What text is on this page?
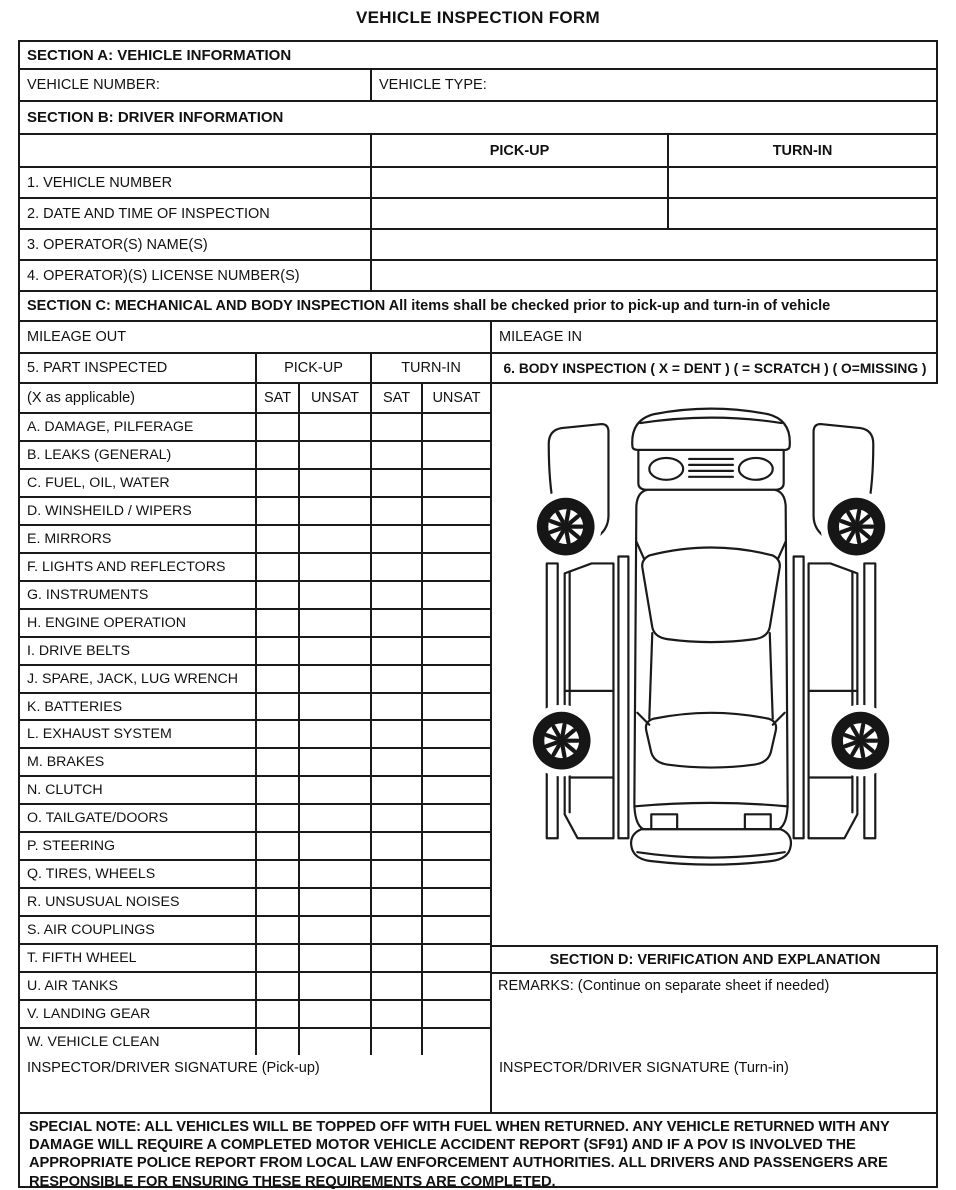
VEHICLE INSPECTION FORM
SECTION A: VEHICLE INFORMATION
VEHICLE NUMBER:	VEHICLE TYPE:
SECTION B: DRIVER INFORMATION
PICK-UP	TURN-IN
1. VEHICLE NUMBER
2. DATE AND TIME OF INSPECTION
3. OPERATOR(S) NAME(S)
4. OPERATOR)(S) LICENSE NUMBER(S)
SECTION C: MECHANICAL AND BODY INSPECTION All items shall be checked prior to pick-up and turn-in of vehicle
MILEAGE OUT	MILEAGE IN
5. PART INSPECTED	PICK-UP	TURN-IN
(X as applicable)	SAT	UNSAT	SAT	UNSAT
A. DAMAGE, PILFERAGE
B. LEAKS (GENERAL)
C. FUEL, OIL, WATER
D. WINSHEILD / WIPERS
E. MIRRORS
F. LIGHTS AND REFLECTORS
G. INSTRUMENTS
H. ENGINE OPERATION
I. DRIVE BELTS
J. SPARE, JACK, LUG WRENCH
K. BATTERIES
L. EXHAUST SYSTEM
M. BRAKES
N. CLUTCH
O. TAILGATE/DOORS
P. STEERING
Q. TIRES, WHEELS
R. UNSUSUAL NOISES
S. AIR COUPLINGS
T. FIFTH WHEEL
U. AIR TANKS
V. LANDING GEAR
W. VEHICLE CLEAN
6. BODY INSPECTION ( X = DENT ) ( = SCRATCH ) ( O=MISSING )
SECTION D: VERIFICATION AND EXPLANATION
REMARKS: (Continue on separate sheet if needed)
INSPECTOR/DRIVER SIGNATURE (Pick-up)	INSPECTOR/DRIVER SIGNATURE (Turn-in)
SPECIAL NOTE: ALL VEHICLES WILL BE TOPPED OFF WITH FUEL WHEN RETURNED. ANY VEHICLE RETURNED WITH ANY DAMAGE WILL REQUIRE A COMPLETED MOTOR VEHICLE ACCIDENT REPORT (SF91) AND IF A POV IS INVOLVED THE APPROPRIATE POLICE REPORT FROM LOCAL LAW ENFORCEMENT AUTHORITIES. ALL DRIVERS AND PASSENGERS ARE RESPONSIBLE FOR ENSURING THESE REQUIREMENTS ARE COMPLETED.
